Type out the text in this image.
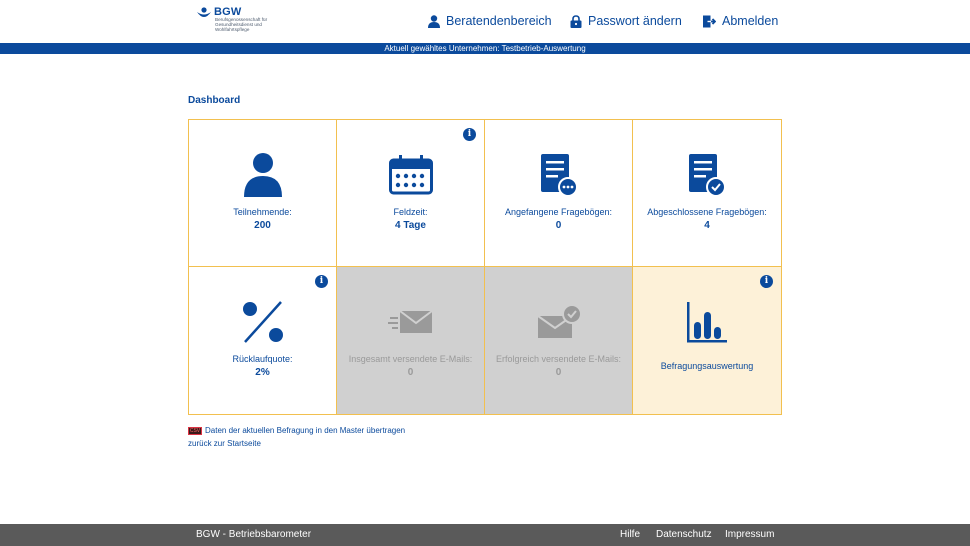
BGW
Berufsgenossenschaft für Gesundheitsdienst und Wohlfahrtspflege
Beratendenbereich	Passwort ändern	Abmelden
Aktuell gewähltes Unternehmen: Testbetrieb-Auswertung
Dashboard
Teilnehmende:
200
i
Feldzeit:
4 Tage
Angefangene Fragebögen:
0
Abgeschlossene Fragebögen:
4
i
Rücklaufquote:
2%
Insgesamt versendete E-Mails:
0
Erfolgreich versendete E-Mails:
0
i
Befragungsauswertung
CSV Daten der aktuellen Befragung in den Master übertragen
zurück zur Startseite
BGW - Betriebsbarometer	Hilfe Datenschutz Impressum
